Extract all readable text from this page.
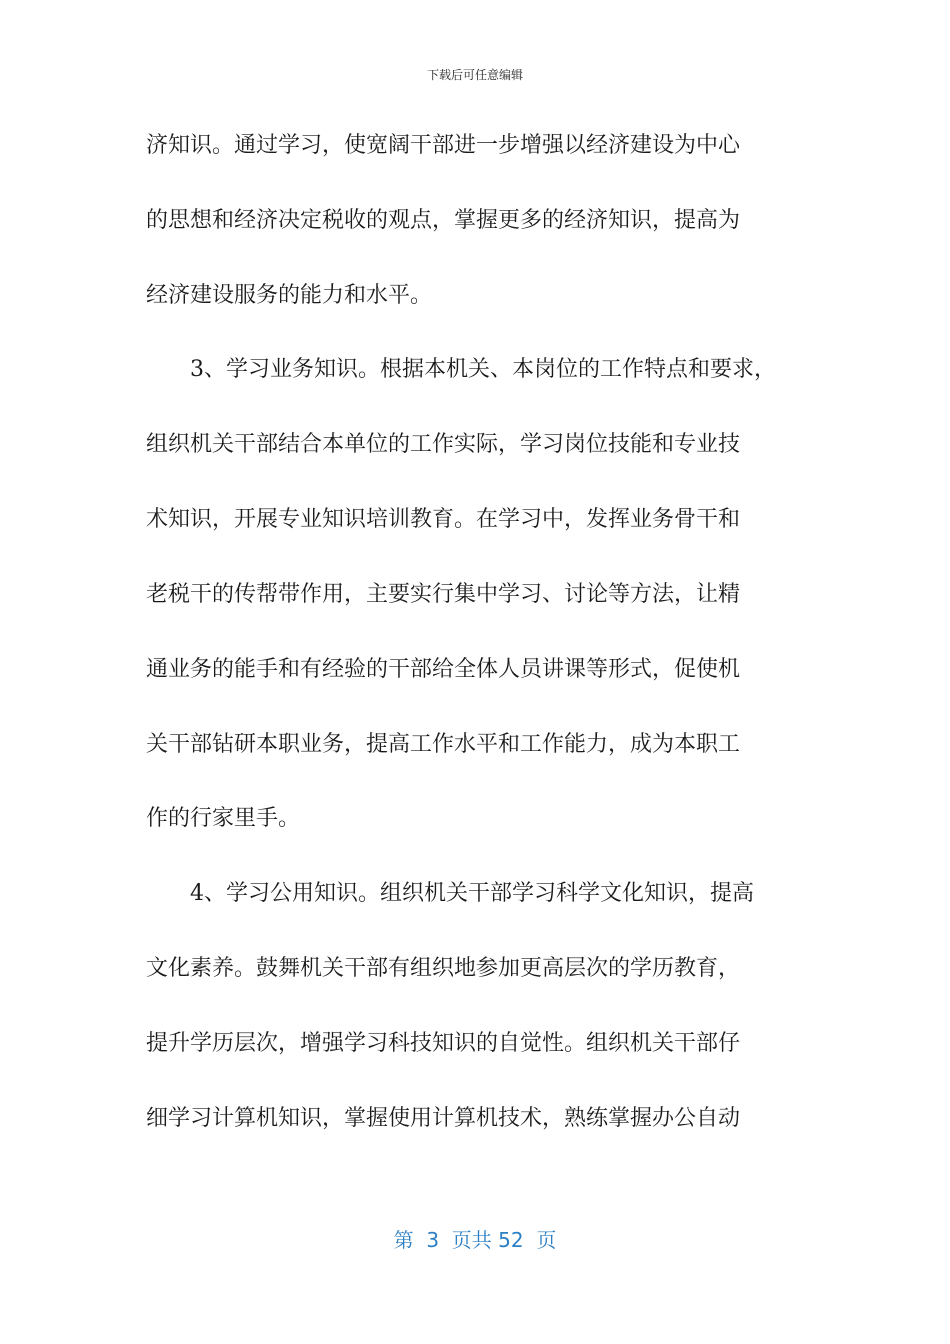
下载后可任意编辑
济知识。通过学习，使宽阔干部进一步增强以经济建设为中心
的思想和经济决定税收的观点，掌握更多的经济知识，提高为
经济建设服务的能力和水平。
3、学习业务知识。根据本机关、本岗位的工作特点和要求，
组织机关干部结合本单位的工作实际，学习岗位技能和专业技
术知识，开展专业知识培训教育。在学习中，发挥业务骨干和
老税干的传帮带作用，主要实行集中学习、讨论等方法，让精
通业务的能手和有经验的干部给全体人员讲课等形式，促使机
关干部钻研本职业务，提高工作水平和工作能力，成为本职工
作的行家里手。
4、学习公用知识。组织机关干部学习科学文化知识，提高
文化素养。鼓舞机关干部有组织地参加更高层次的学历教育，
提升学历层次，增强学习科技知识的自觉性。组织机关干部仔
细学习计算机知识，掌握使用计算机技术，熟练掌握办公自动
第  3  页共 52  页
